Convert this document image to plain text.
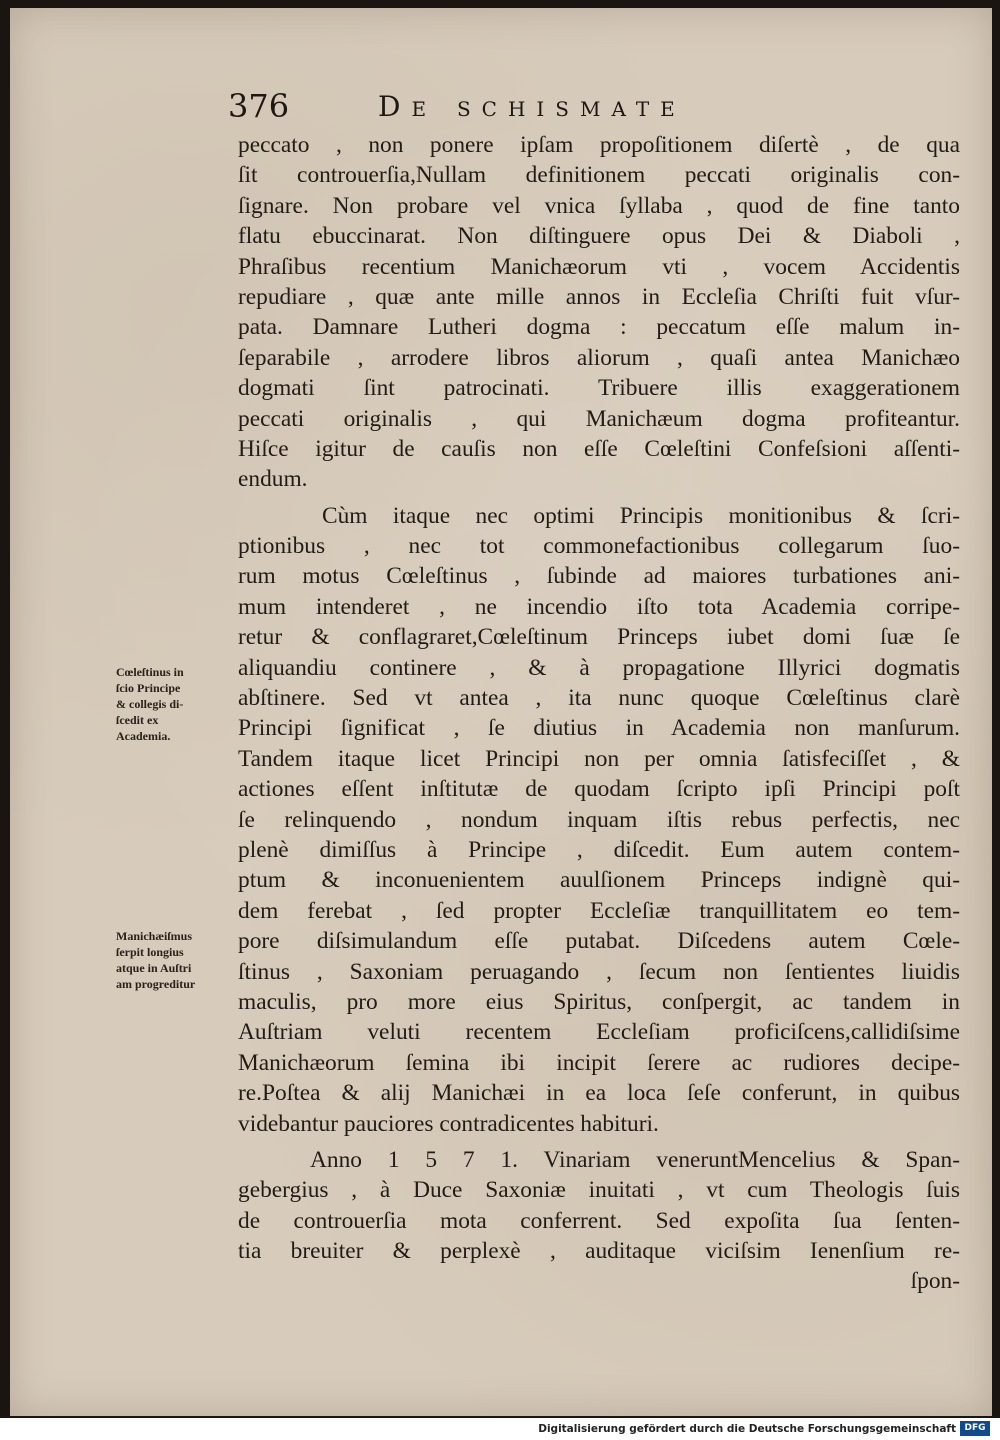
376	De schismate
peccato , non ponere ipſam propoſitionem diſertè , de qua
ſit controuerſia,Nullam definitionem peccati originalis con-
ſignare. Non probare vel vnica ſyllaba , quod de fine tanto
flatu ebuccinarat. Non diſtinguere opus Dei & Diaboli ,
Phraſibus recentium Manichæorum vti , vocem Accidentis
repudiare , quæ ante mille annos in Eccleſia Chriſti fuit vſur-
pata. Damnare Lutheri dogma : peccatum eſſe malum in-
ſeparabile , arrodere libros aliorum , quaſi antea Manichæo
dogmati ſint patrocinati. Tribuere illis exaggerationem
peccati originalis , qui Manichæum dogma profiteantur.
Hiſce igitur de cauſis non eſſe Cœleſtini Confeſsioni aſſenti-
endum.
Cùm itaque nec optimi Principis monitionibus & ſcri-
ptionibus , nec tot commonefactionibus collegarum ſuo-
rum motus Cœleſtinus , ſubinde ad maiores turbationes ani-
mum intenderet , ne incendio iſto tota Academia corripe-
retur & conflagraret,Cœleſtinum Princeps iubet domi ſuæ ſe
aliquandiu continere , & à propagatione Illyrici dogmatis
abſtinere. Sed vt antea , ita nunc quoque Cœleſtinus clarè
Principi ſignificat , ſe diutius in Academia non manſurum.
Tandem itaque licet Principi non per omnia ſatisfeciſſet , &
actiones eſſent inſtitutæ de quodam ſcripto ipſi Principi poſt
ſe relinquendo , nondum inquam iſtis rebus perfectis, nec
plenè dimiſſus à Principe , diſcedit. Eum autem contem-
ptum & inconuenientem auulſionem Princeps indignè qui-
dem ferebat , ſed propter Eccleſiæ tranquillitatem eo tem-
pore diſsimulandum eſſe putabat. Diſcedens autem Cœle-
ſtinus , Saxoniam peruagando , ſecum non ſentientes liuidis
maculis, pro more eius Spiritus, conſpergit, ac tandem in
Auſtriam veluti recentem Eccleſiam proficiſcens,callidiſsime
Manichæorum ſemina ibi incipit ſerere ac rudiores decipe-
re.Poſtea & alij Manichæi in ea loca ſeſe conferunt, in quibus
videbantur pauciores contradicentes habituri.
Anno 1 5 7 1. Vinariam veneruntMencelius & Span-
gebergius , à Duce Saxoniæ inuitati , vt cum Theologis ſuis
de controuerſia mota conferrent. Sed expoſita ſua ſenten-
tia breuiter & perplexè , auditaque viciſsim Ienenſium re-
ſpon-
Cœleſtinus in
ſcio Principe
& collegis di-
ſcedit ex
Academia.
Manichæiſmus
ſerpit longius
atque in Auſtri
am progreditur
Digitalisierung gefördert durch die Deutsche Forschungsgemeinschaft DFG
